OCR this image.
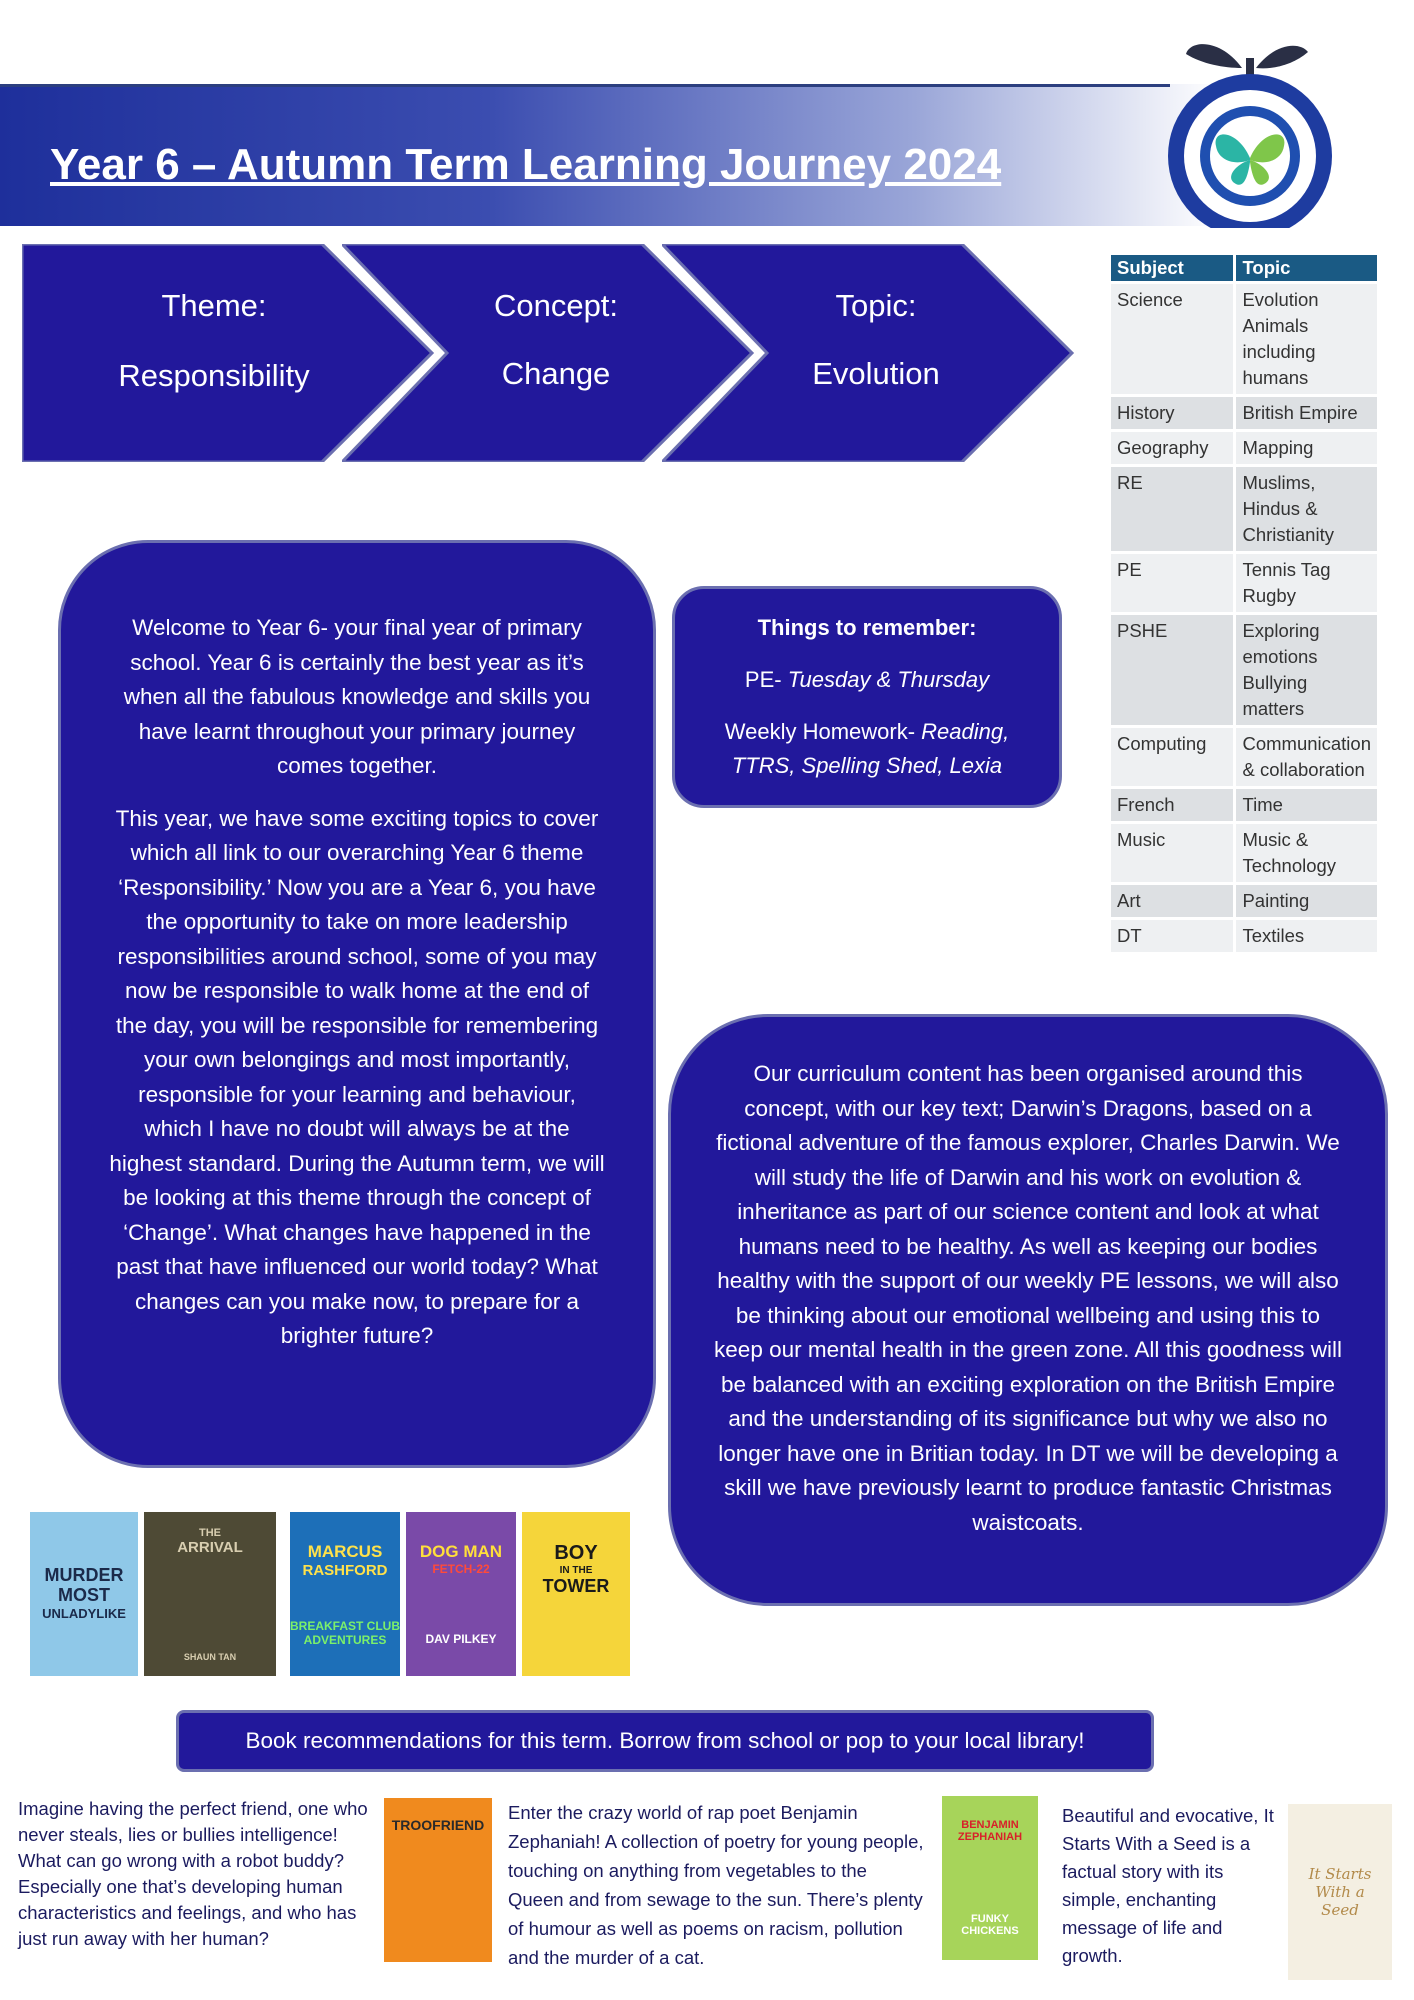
Year 6 – Autumn Term Learning Journey 2024
Theme:
Responsibility
Concept:
Change
Topic:
Evolution
Subject	Topic
Science	Evolution Animals including humans
History	British Empire
Geography	Mapping
RE	Muslims, Hindus & Christianity
PE	Tennis Tag Rugby
PSHE	Exploring emotions Bullying matters
Computing	Communication & collaboration
French	Time
Music	Music & Technology
Art	Painting
DT	Textiles

Welcome to Year 6- your final year of primary school. Year 6 is certainly the best year as it’s when all the fabulous knowledge and skills you have learnt throughout your primary journey comes together.

This year, we have some exciting topics to cover which all link to our overarching Year 6 theme ‘Responsibility.’ Now you are a Year 6, you have the opportunity to take on more leadership responsibilities around school, some of you may now be responsible to walk home at the end of the day, you will be responsible for remembering your own belongings and most importantly, responsible for your learning and behaviour, which I have no doubt will always be at the highest standard. During the Autumn term, we will be looking at this theme through the concept of ‘Change’. What changes have happened in the past that have influenced our world today? What changes can you make now, to prepare for a brighter future?

Things to remember:

PE- Tuesday & Thursday

Weekly Homework- Reading, TTRS, Spelling Shed, Lexia

Our curriculum content has been organised around this concept, with our key text; Darwin’s Dragons, based on a fictional adventure of the famous explorer, Charles Darwin. We will study the life of Darwin and his work on evolution & inheritance as part of our science content and look at what humans need to be healthy. As well as keeping our bodies healthy with the support of our weekly PE lessons, we will also be thinking about our emotional wellbeing and using this to keep our mental health in the green zone. All this goodness will be balanced with an exciting exploration on the British Empire and the understanding of its significance but why we also no longer have one in Britian today. In DT we will be developing a skill we have previously learnt to produce fantastic Christmas waistcoats.

MURDER
MOST
UNLADYLIKE
THE
ARRIVAL
SHAUN TAN
MARCUS
RASHFORD
BREAKFAST CLUB ADVENTURES
DOG MAN
FETCH-22
DAV PILKEY
BOY
IN THE
TOWER
Book recommendations for this term. Borrow from school or pop to your local library!
Imagine having the perfect friend, one who never steals, lies or bullies intelligence! What can go wrong with a robot buddy? Especially one that’s developing human characteristics and feelings, and who has just run away with her human?
TROOFRIEND
Enter the crazy world of rap poet Benjamin Zephaniah! A collection of poetry for young people, touching on anything from vegetables to the Queen and from sewage to the sun. There’s plenty of humour as well as poems on racism, pollution and the murder of a cat.
BENJAMIN ZEPHANIAH
FUNKY CHICKENS
Beautiful and evocative, It Starts With a Seed is a factual story with its simple, enchanting message of life and growth.
It Starts With a Seed
